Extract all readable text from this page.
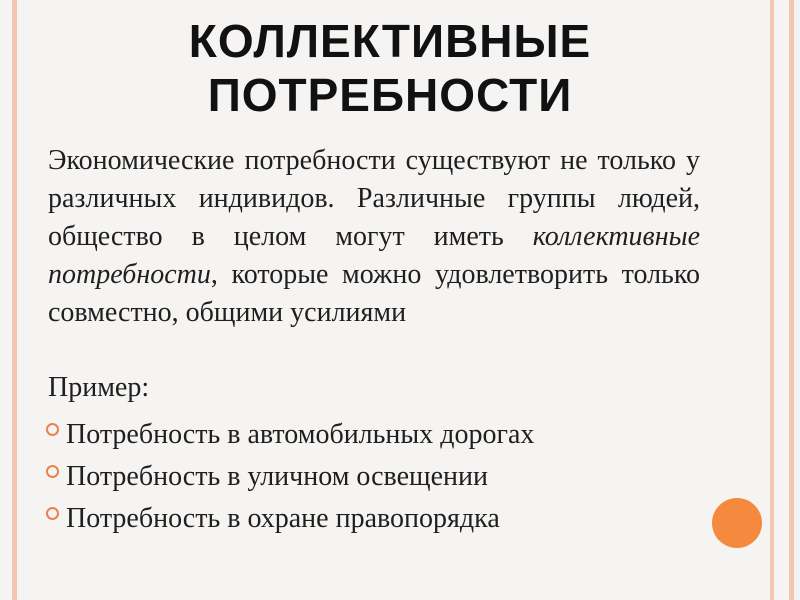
КОЛЛЕКТИВНЫЕ
ПОТРЕБНОСТИ
Экономические потребности существуют не только у различных индивидов. Различные группы людей, общество в целом могут иметь коллективные потребности, которые можно удовлетворить только совместно, общими усилиями
Пример:
Потребность в автомобильных дорогах
Потребность в уличном освещении
Потребность в охране правопорядка
